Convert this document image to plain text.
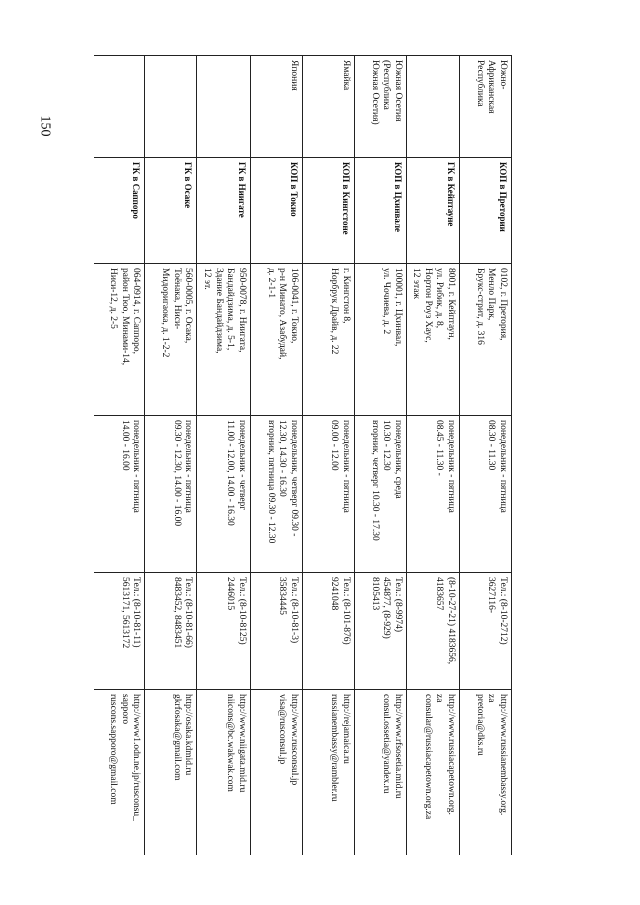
150
Южно-
Африканская
Республика	КОП в Претории	0102, г. Претория,
Менло Парк,
Брукс-стрит, д. 316	понедельник - пятница
08.30 - 11.30	Тел.: (8-10-2712)
3627116-	http://www.russianembassy.org.
za
pretoria@dks.ru

	ГК в Кейптауне	8001, г. Кейптаун,
ул. Рибик, д. 8,
Нортон Роуз Хаус,
12 этаж	понедельник - пятница
08.45 - 11.30 -	(8-10-27-21) 4183656,
4183657	http://www.russiacapetown.org.
za
consular@russiacapetown.org.za

Южная Осетия
(Республика
Южная Осетия)	КОП в Цхинвале	100001, г. Цхинвал,
ул. Чочиева, д. 2	понедельник, среда
10.30 - 12.30
вторник, четверг 10.30 - 17.30	Тел.: (8-9974)
454877, (8-929)
8105413	http://www.rfsosetia.mid.ru
consul.ossetia@yandex.ru

Ямайка	КОП в Кингстоне	г. Кингстон 8,
Норбрук Драйв, д. 22	понедельник - пятница
09.00 - 12.00	Тел.: (8-101-876)
9241048	http://rejamaica.ru
russianembassy@rambler.ru

Япония	КОП в Токио	106-0041, г. Токио,
р-н Минато, Азабудай,
д. 2-1-1	понедельник, четверг 09.30 -
12.30, 14.30 - 16.30
вторник, пятница 09.30 - 12.30	Тел.: (8-10-81-3)
35834445	http://www.rusconsul.jp
visa@rusconsul.jp

	ГК в Ниигате	950-0078, г. Ниигата,
Бандайдзима, д. 5-1,
Здание Бандайдзима,
12 эт.	понедельник - четверг
11.00 - 12.00, 14.00 - 16.30	Тел.: (8-10-8125)
2446015	http://www.niigata.mid.ru
niicons@bc.wakwak.com

	ГК в Осаке	560-0005, г. Осака,
Тоёнака, Ниси-
Мидоригаока, д. 1-2-2	понедельник - пятница
09.30 - 12.30, 14.00 - 16.00	Тел.: (8-10-81-66)
8483452, 8483451	http://osaka.kdmid.ru
gkrfosaka@gmail.com

	ГК в Саппоро	064-0914, г. Саппоро,
район Тюо, Минами-14,
Ниси-12, д. 2-5	понедельник - пятница
14.00 - 16.00	Тел.: (8-10-81-11)
5613171, 5613172	http://www1.odn.ne.jp/rusconsu_
sapporo
ruscons.sapporo@gmail.com
